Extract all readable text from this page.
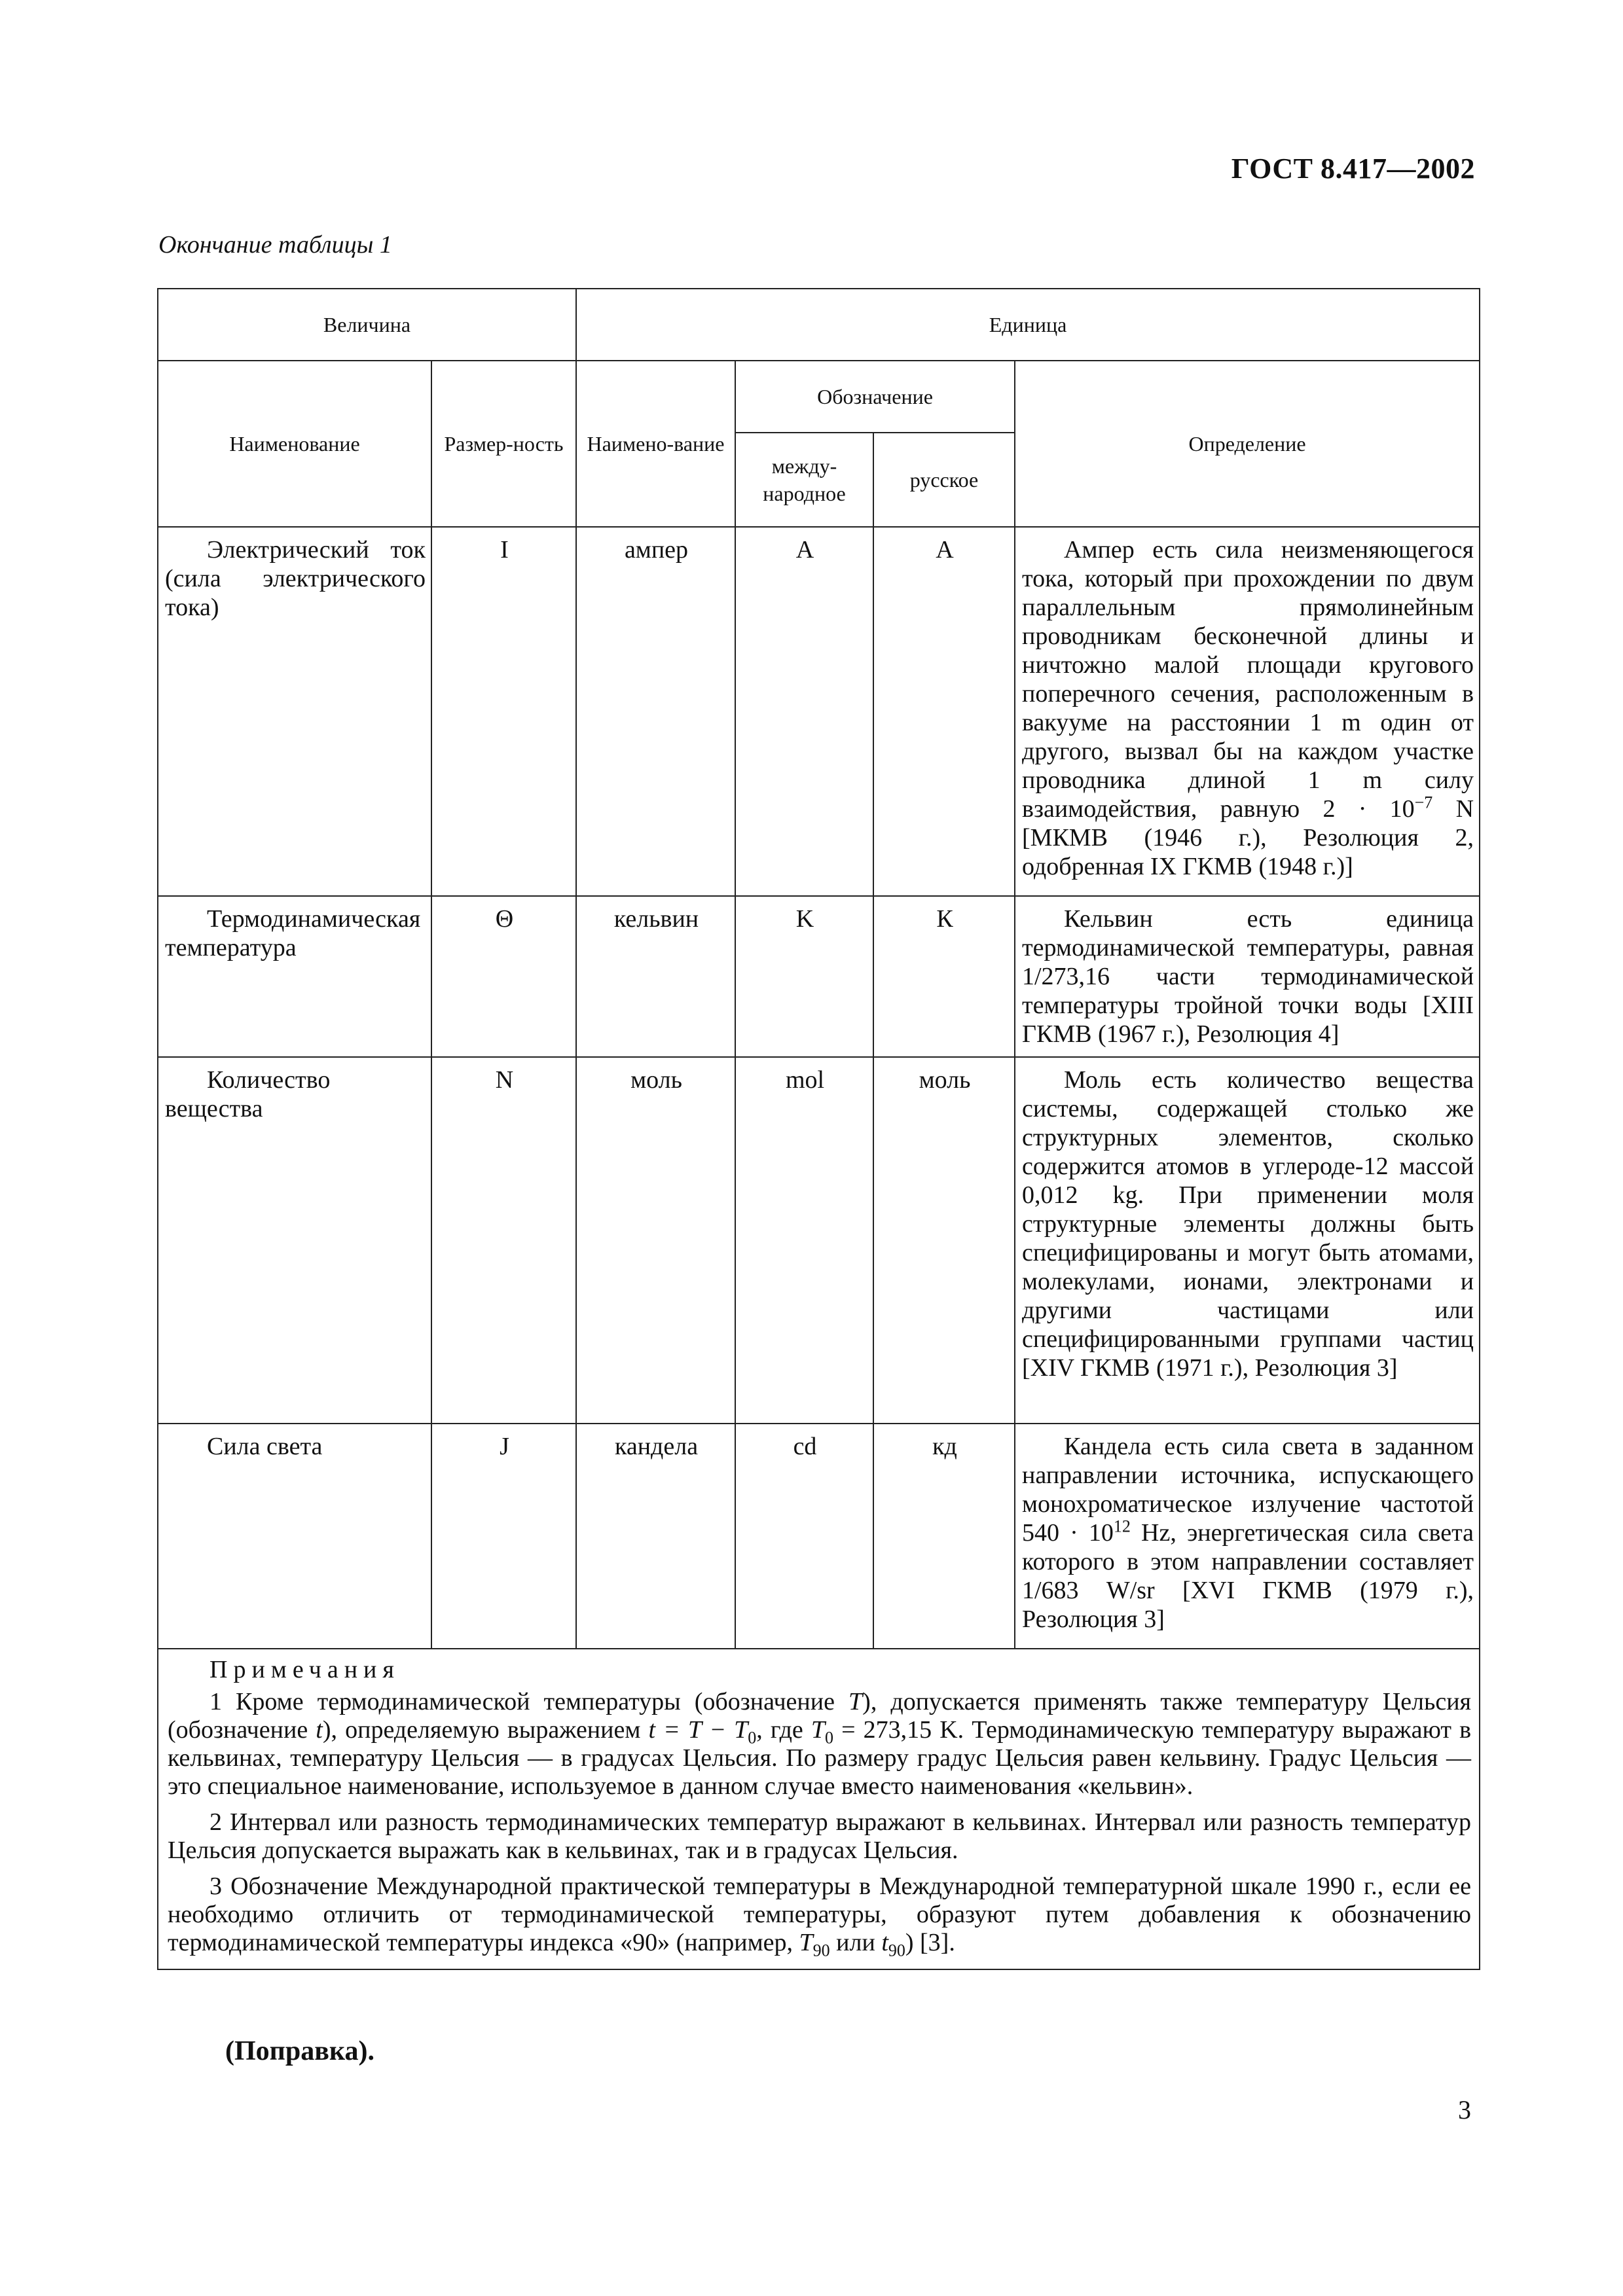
ГОСТ 8.417—2002
Окончание таблицы 1
Величина		Единица			
Наименование	Размер-ность	Наимено-вание	Обозначение		Определение
			между-народное	русское	
Электрический ток (сила электрического тока)	I	ампер	A	А	Ампер есть сила неизменяющегося тока, который при прохождении по двум параллельным прямолинейным проводникам бесконечной длины и ничтожно малой площади кругового поперечного сечения, расположенным в вакууме на расстоянии 1 m один от другого, вызвал бы на каждом участке проводника длиной 1 m силу взаимодействия, равную $2 \cdot 10^{-7}$ N [МКМВ (1946 г.), Резолюция 2, одобренная IX ГКМВ (1948 г.)]
Термодинамическая температура	Θ	кельвин	K	К	Кельвин есть единица термодинамической температуры, равная 1/273,16 части термодинамической температуры тройной точки воды [XIII ГКМВ (1967 г.), Резолюция 4]
Количество вещества	N	моль	mol	моль	Моль есть количество вещества системы, содержащей столько же структурных элементов, сколько содержится атомов в углероде-12 массой 0,012 kg. При применении моля структурные элементы должны быть специфицированы и могут быть атомами, молекулами, ионами, электронами и другими частицами или специфицированными группами частиц [XIV ГКМВ (1971 г.), Резолюция 3]
Сила света	J	кандела	cd	кд	Кандела есть сила света в заданном направлении источника, испускающего монохроматическое излучение частотой $540 \cdot 10^{12}$ Hz, энергетическая сила света которого в этом направлении составляет 1/683 W/sr [XVI ГКМВ (1979 г.), Резолюция 3]

Примечания

1 Кроме термодинамической температуры (обозначение T), допускается применять также температуру Цельсия (обозначение t), определяемую выражением $t = T - T_0$, где $T_0 = 273,15$ K. Термодинамическую температуру выражают в кельвинах, температуру Цельсия — в градусах Цельсия. По размеру градус Цельсия равен кельвину. Градус Цельсия — это специальное наименование, используемое в данном случае вместо наименования «кельвин».

2 Интервал или разность термодинамических температур выражают в кельвинах. Интервал или разность температур Цельсия допускается выражать как в кельвинах, так и в градусах Цельсия.

3 Обозначение Международной практической температуры в Международной температурной шкале 1990 г., если ее необходимо отличить от термодинамической температуры, образуют путем добавления к обозначению термодинамической температуры индекса «90» (например, $T_{90}$ или $t_{90}$) [3].					

(Поправка).
3
